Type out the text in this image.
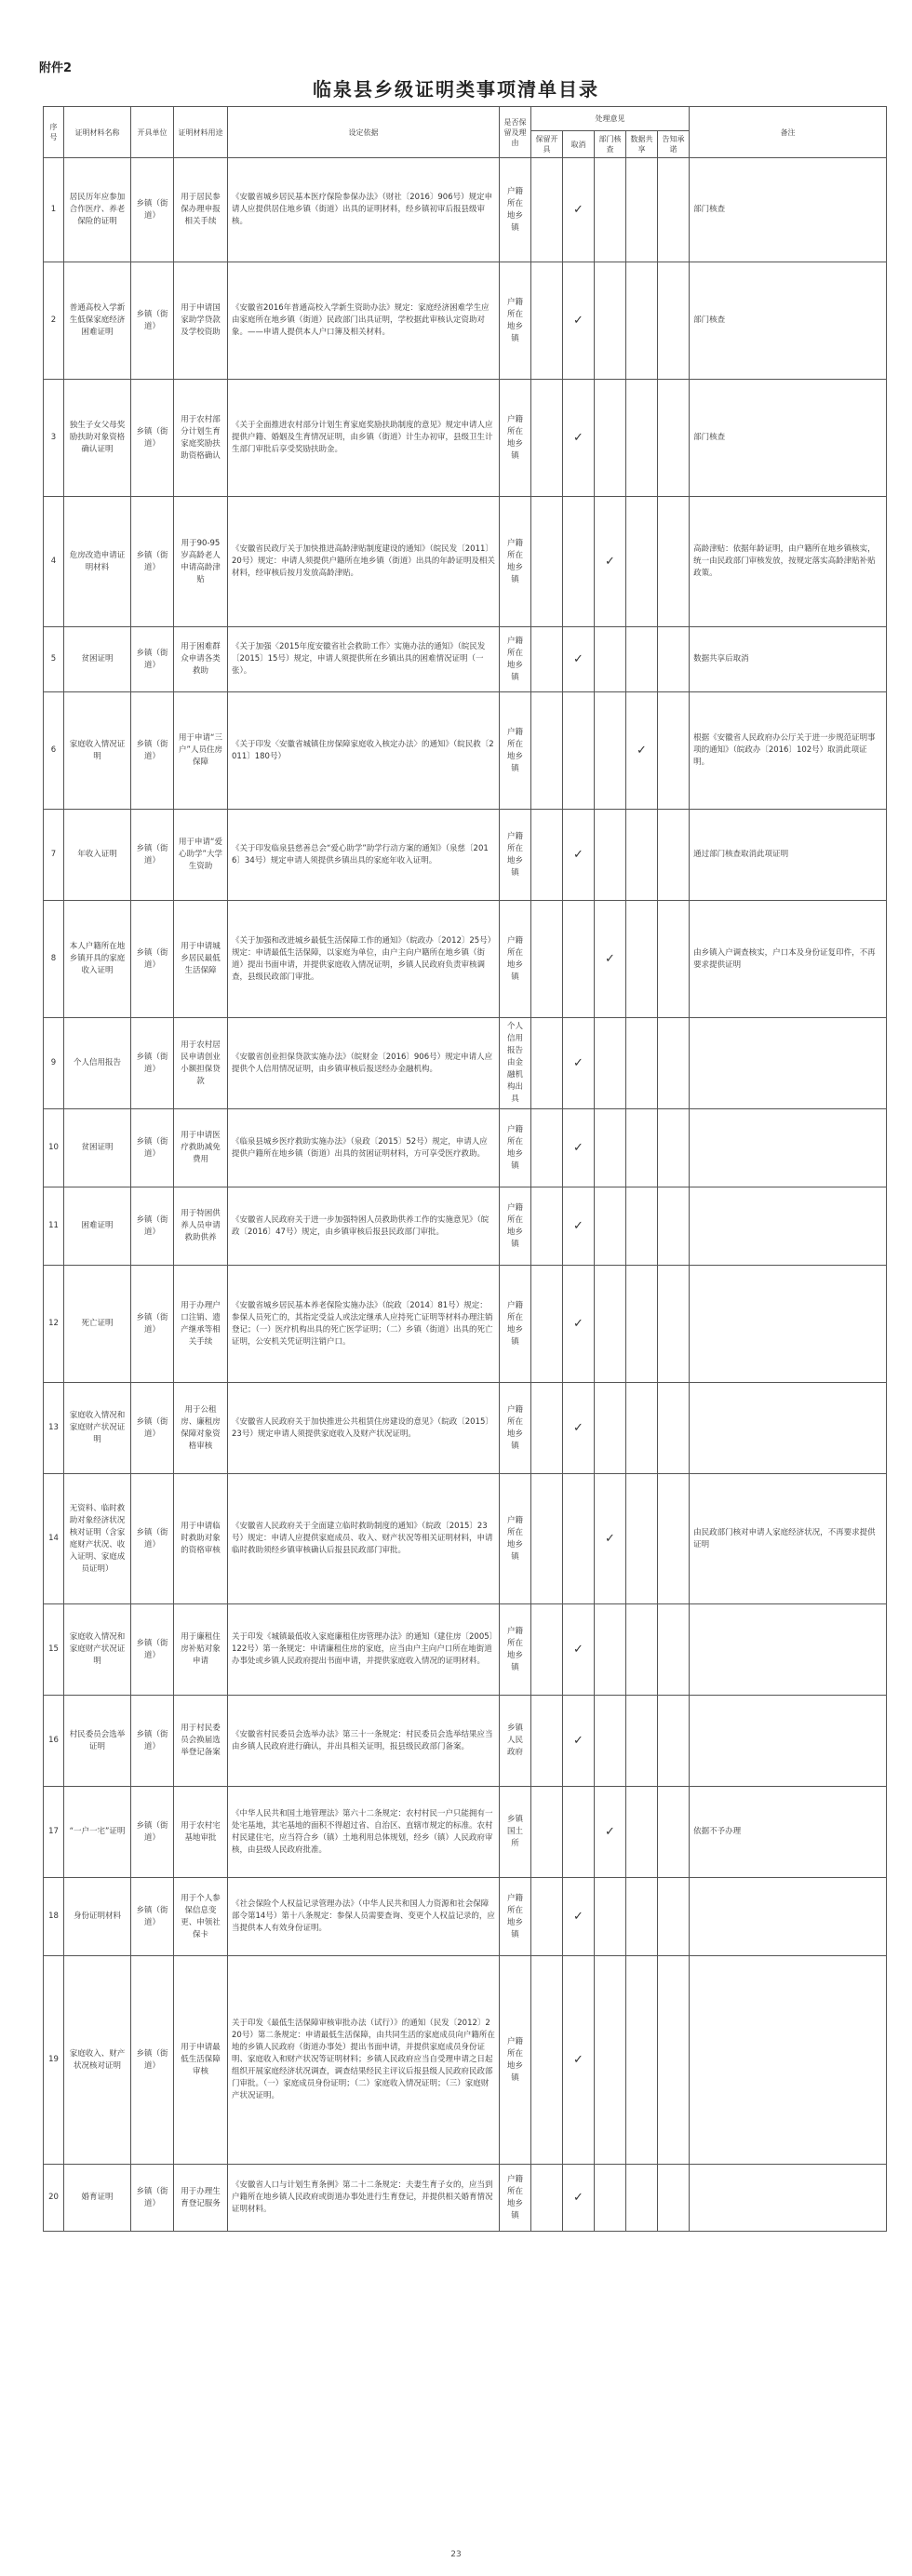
附件2
临泉县乡级证明类事项清单目录
序号	证明材料名称	开具单位	证明材料用途	设定依据	是否保留及理由	处理意见					备注
						保留开具	取消	部门核查	数据共享	告知承诺	
1	居民历年应参加合作医疗、养老保险的证明	乡镇（街道）	用于居民参保办理申报相关手续	《安徽省城乡居民基本医疗保险参保办法》（财社〔2016〕906号）规定申请人应提供居住地乡镇（街道）出具的证明材料，经乡镇初审后报县级审核。	户籍所在地乡镇		✓				部门核查
2	普通高校入学新生低保家庭经济困难证明	乡镇（街道）	用于申请国家助学贷款及学校资助	《安徽省2016年普通高校入学新生资助办法》规定：家庭经济困难学生应由家庭所在地乡镇（街道）民政部门出具证明，学校据此审核认定资助对象。——申请人提供本人户口簿及相关材料。	户籍所在地乡镇		✓				部门核查
3	独生子女父母奖励扶助对象资格确认证明	乡镇（街道）	用于农村部分计划生育家庭奖励扶助资格确认	《关于全面推进农村部分计划生育家庭奖励扶助制度的意见》规定申请人应提供户籍、婚姻及生育情况证明，由乡镇（街道）计生办初审，县级卫生计生部门审批后享受奖励扶助金。	户籍所在地乡镇		✓				部门核查
4	危房改造申请证明材料	乡镇（街道）	用于90-95岁高龄老人申请高龄津贴	《安徽省民政厅关于加快推进高龄津贴制度建设的通知》（皖民发〔2011〕20号）规定：申请人须提供户籍所在地乡镇（街道）出具的年龄证明及相关材料，经审核后按月发放高龄津贴。	户籍所在地乡镇			✓			高龄津贴：依据年龄证明，由户籍所在地乡镇核实，统一由民政部门审核发放，按规定落实高龄津贴补贴政策。
5	贫困证明	乡镇（街道）	用于困难群众申请各类救助	《关于加强〈2015年度安徽省社会救助工作〉实施办法的通知》（皖民发〔2015〕15号）规定，申请人须提供所在乡镇出具的困难情况证明（一张）。	户籍所在地乡镇		✓				数据共享后取消
6	家庭收入情况证明	乡镇（街道）	用于申请“三户”人员住房保障	《关于印发〈安徽省城镇住房保障家庭收入核定办法〉的通知》（皖民救〔2011〕180号）	户籍所在地乡镇				✓		根据《安徽省人民政府办公厅关于进一步规范证明事项的通知》（皖政办〔2016〕102号）取消此项证明。
7	年收入证明	乡镇（街道）	用于申请“爱心助学”大学生资助	《关于印发临泉县慈善总会“爱心助学”助学行动方案的通知》（泉慈〔2016〕34号）规定申请人须提供乡镇出具的家庭年收入证明。	户籍所在地乡镇		✓				通过部门核查取消此项证明
8	本人户籍所在地乡镇开具的家庭收入证明	乡镇（街道）	用于申请城乡居民最低生活保障	《关于加强和改进城乡最低生活保障工作的通知》（皖政办〔2012〕25号）规定：申请最低生活保障，以家庭为单位，由户主向户籍所在地乡镇（街道）提出书面申请，并提供家庭收入情况证明，乡镇人民政府负责审核调查，县级民政部门审批。	户籍所在地乡镇			✓			由乡镇入户调查核实，户口本及身份证复印件，不再要求提供证明
9	个人信用报告	乡镇（街道）	用于农村居民申请创业小额担保贷款	《安徽省创业担保贷款实施办法》（皖财金〔2016〕906号）规定申请人应提供个人信用情况证明，由乡镇审核后报送经办金融机构。	个人信用报告由金融机构出具		✓				
10	贫困证明	乡镇（街道）	用于申请医疗救助减免费用	《临泉县城乡医疗救助实施办法》（泉政〔2015〕52号）规定，申请人应提供户籍所在地乡镇（街道）出具的贫困证明材料，方可享受医疗救助。	户籍所在地乡镇		✓				
11	困难证明	乡镇（街道）	用于特困供养人员申请救助供养	《安徽省人民政府关于进一步加强特困人员救助供养工作的实施意见》（皖政〔2016〕47号）规定，由乡镇审核后报县民政部门审批。	户籍所在地乡镇		✓				
12	死亡证明	乡镇（街道）	用于办理户口注销、遗产继承等相关手续	《安徽省城乡居民基本养老保险实施办法》（皖政〔2014〕81号）规定：参保人员死亡的，其指定受益人或法定继承人应持死亡证明等材料办理注销登记；（一）医疗机构出具的死亡医学证明；（二）乡镇（街道）出具的死亡证明，公安机关凭证明注销户口。	户籍所在地乡镇		✓				
13	家庭收入情况和家庭财产状况证明	乡镇（街道）	用于公租房、廉租房保障对象资格审核	《安徽省人民政府关于加快推进公共租赁住房建设的意见》（皖政〔2015〕23号）规定申请人须提供家庭收入及财产状况证明。	户籍所在地乡镇		✓				
14	无资料、临时救助对象经济状况核对证明（含家庭财产状况、收入证明、家庭成员证明）	乡镇（街道）	用于申请临时救助对象的资格审核	《安徽省人民政府关于全面建立临时救助制度的通知》（皖政〔2015〕23号）规定：申请人应提供家庭成员、收入、财产状况等相关证明材料，申请临时救助须经乡镇审核确认后报县民政部门审批。	户籍所在地乡镇			✓			由民政部门核对申请人家庭经济状况，不再要求提供证明
15	家庭收入情况和家庭财产状况证明	乡镇（街道）	用于廉租住房补贴对象申请	关于印发《城镇最低收入家庭廉租住房管理办法》的通知（建住房〔2005〕122号）第一条规定：申请廉租住房的家庭，应当由户主向户口所在地街道办事处或乡镇人民政府提出书面申请，并提供家庭收入情况的证明材料。	户籍所在地乡镇		✓				
16	村民委员会选举证明	乡镇（街道）	用于村民委员会换届选举登记备案	《安徽省村民委员会选举办法》第三十一条规定：村民委员会选举结果应当由乡镇人民政府进行确认，并出具相关证明，报县级民政部门备案。	乡镇人民政府		✓				
17	“一户一宅”证明	乡镇（街道）	用于农村宅基地审批	《中华人民共和国土地管理法》第六十二条规定：农村村民一户只能拥有一处宅基地，其宅基地的面积不得超过省、自治区、直辖市规定的标准。农村村民建住宅，应当符合乡（镇）土地利用总体规划，经乡（镇）人民政府审核，由县级人民政府批准。	乡镇国土所			✓			依据不予办理
18	身份证明材料	乡镇（街道）	用于个人参保信息变更、申领社保卡	《社会保险个人权益记录管理办法》（中华人民共和国人力资源和社会保障部令第14号）第十八条规定：参保人员需要查询、变更个人权益记录的，应当提供本人有效身份证明。	户籍所在地乡镇		✓				
19	家庭收入、财产状况核对证明	乡镇（街道）	用于申请最低生活保障审核	关于印发《最低生活保障审核审批办法（试行）》的通知（民发〔2012〕220号）第二条规定：申请最低生活保障，由共同生活的家庭成员向户籍所在地的乡镇人民政府（街道办事处）提出书面申请，并提供家庭成员身份证明、家庭收入和财产状况等证明材料；乡镇人民政府应当自受理申请之日起组织开展家庭经济状况调查，调查结果经民主评议后报县级人民政府民政部门审批。（一）家庭成员身份证明；（二）家庭收入情况证明；（三）家庭财产状况证明。	户籍所在地乡镇		✓				
20	婚育证明	乡镇（街道）	用于办理生育登记服务	《安徽省人口与计划生育条例》第二十二条规定：夫妻生育子女的，应当到户籍所在地乡镇人民政府或街道办事处进行生育登记，并提供相关婚育情况证明材料。	户籍所在地乡镇		✓				
23
